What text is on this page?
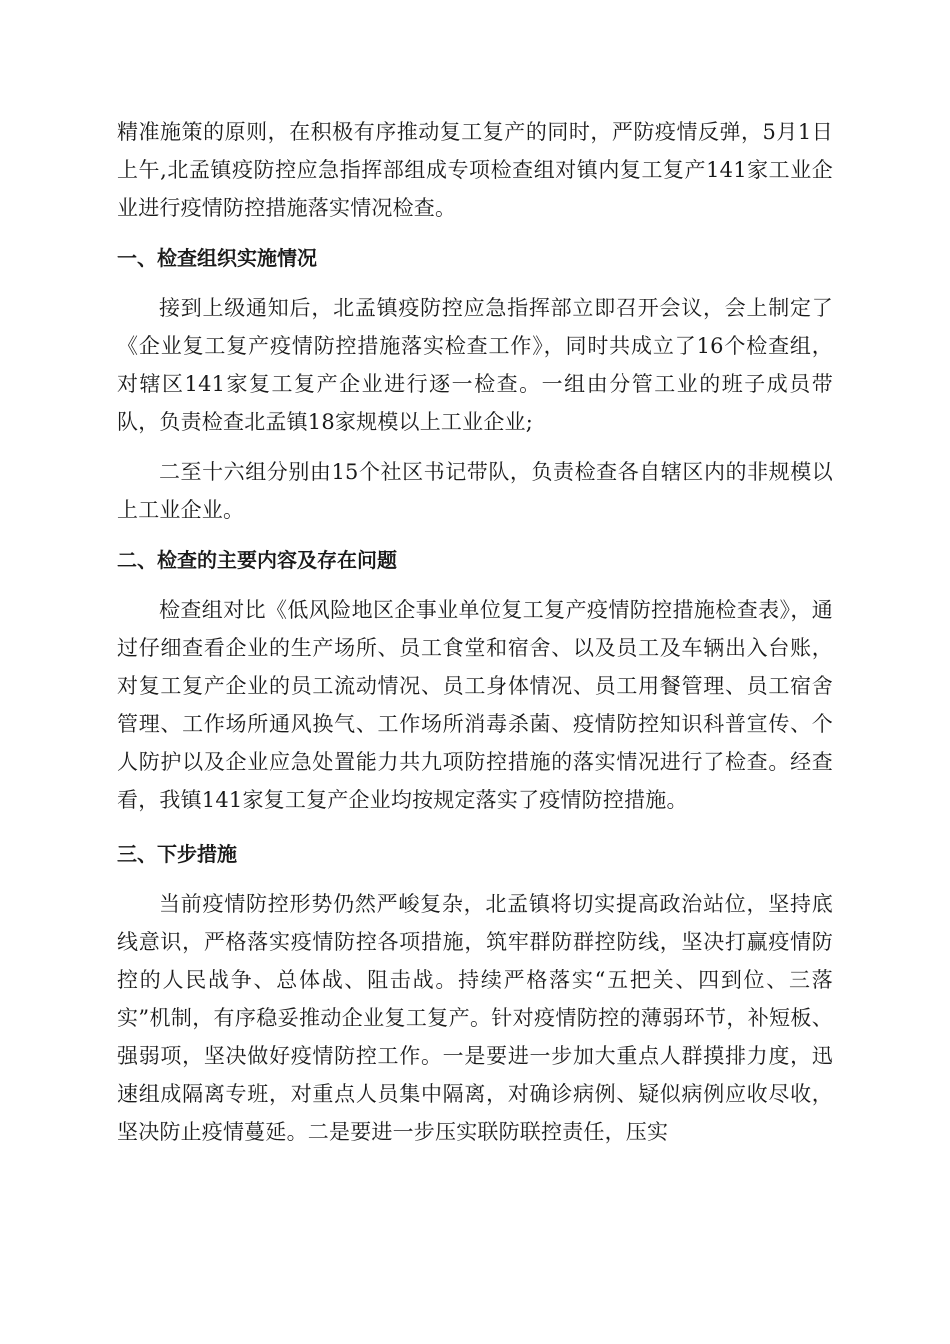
精准施策的原则，在积极有序推动复工复产的同时，严防疫情反弹，5月1日上午,北孟镇疫防控应急指挥部组成专项检查组对镇内复工复产141家工业企业进行疫情防控措施落实情况检查。

一、检查组织实施情况

接到上级通知后，北孟镇疫防控应急指挥部立即召开会议，会上制定了《企业复工复产疫情防控措施落实检查工作》，同时共成立了16个检查组，对辖区141家复工复产企业进行逐一检查。一组由分管工业的班子成员带队，负责检查北孟镇18家规模以上工业企业;

二至十六组分别由15个社区书记带队，负责检查各自辖区内的非规模以上工业企业。

二、检查的主要内容及存在问题

检查组对比《低风险地区企事业单位复工复产疫情防控措施检查表》，通过仔细查看企业的生产场所、员工食堂和宿舍、以及员工及车辆出入台账，对复工复产企业的员工流动情况、员工身体情况、员工用餐管理、员工宿舍管理、工作场所通风换气、工作场所消毒杀菌、疫情防控知识科普宣传、个人防护以及企业应急处置能力共九项防控措施的落实情况进行了检查。经查看，我镇141家复工复产企业均按规定落实了疫情防控措施。

三、下步措施

当前疫情防控形势仍然严峻复杂，北孟镇将切实提高政治站位，坚持底线意识，严格落实疫情防控各项措施，筑牢群防群控防线，坚决打赢疫情防控的人民战争、总体战、阻击战。持续严格落实“五把关、四到位、三落实”机制，有序稳妥推动企业复工复产。针对疫情防控的薄弱环节，补短板、强弱项，坚决做好疫情防控工作。一是要进一步加大重点人群摸排力度，迅速组成隔离专班，对重点人员集中隔离，对确诊病例、疑似病例应收尽收，坚决防止疫情蔓延。二是要进一步压实联防联控责任，压实
